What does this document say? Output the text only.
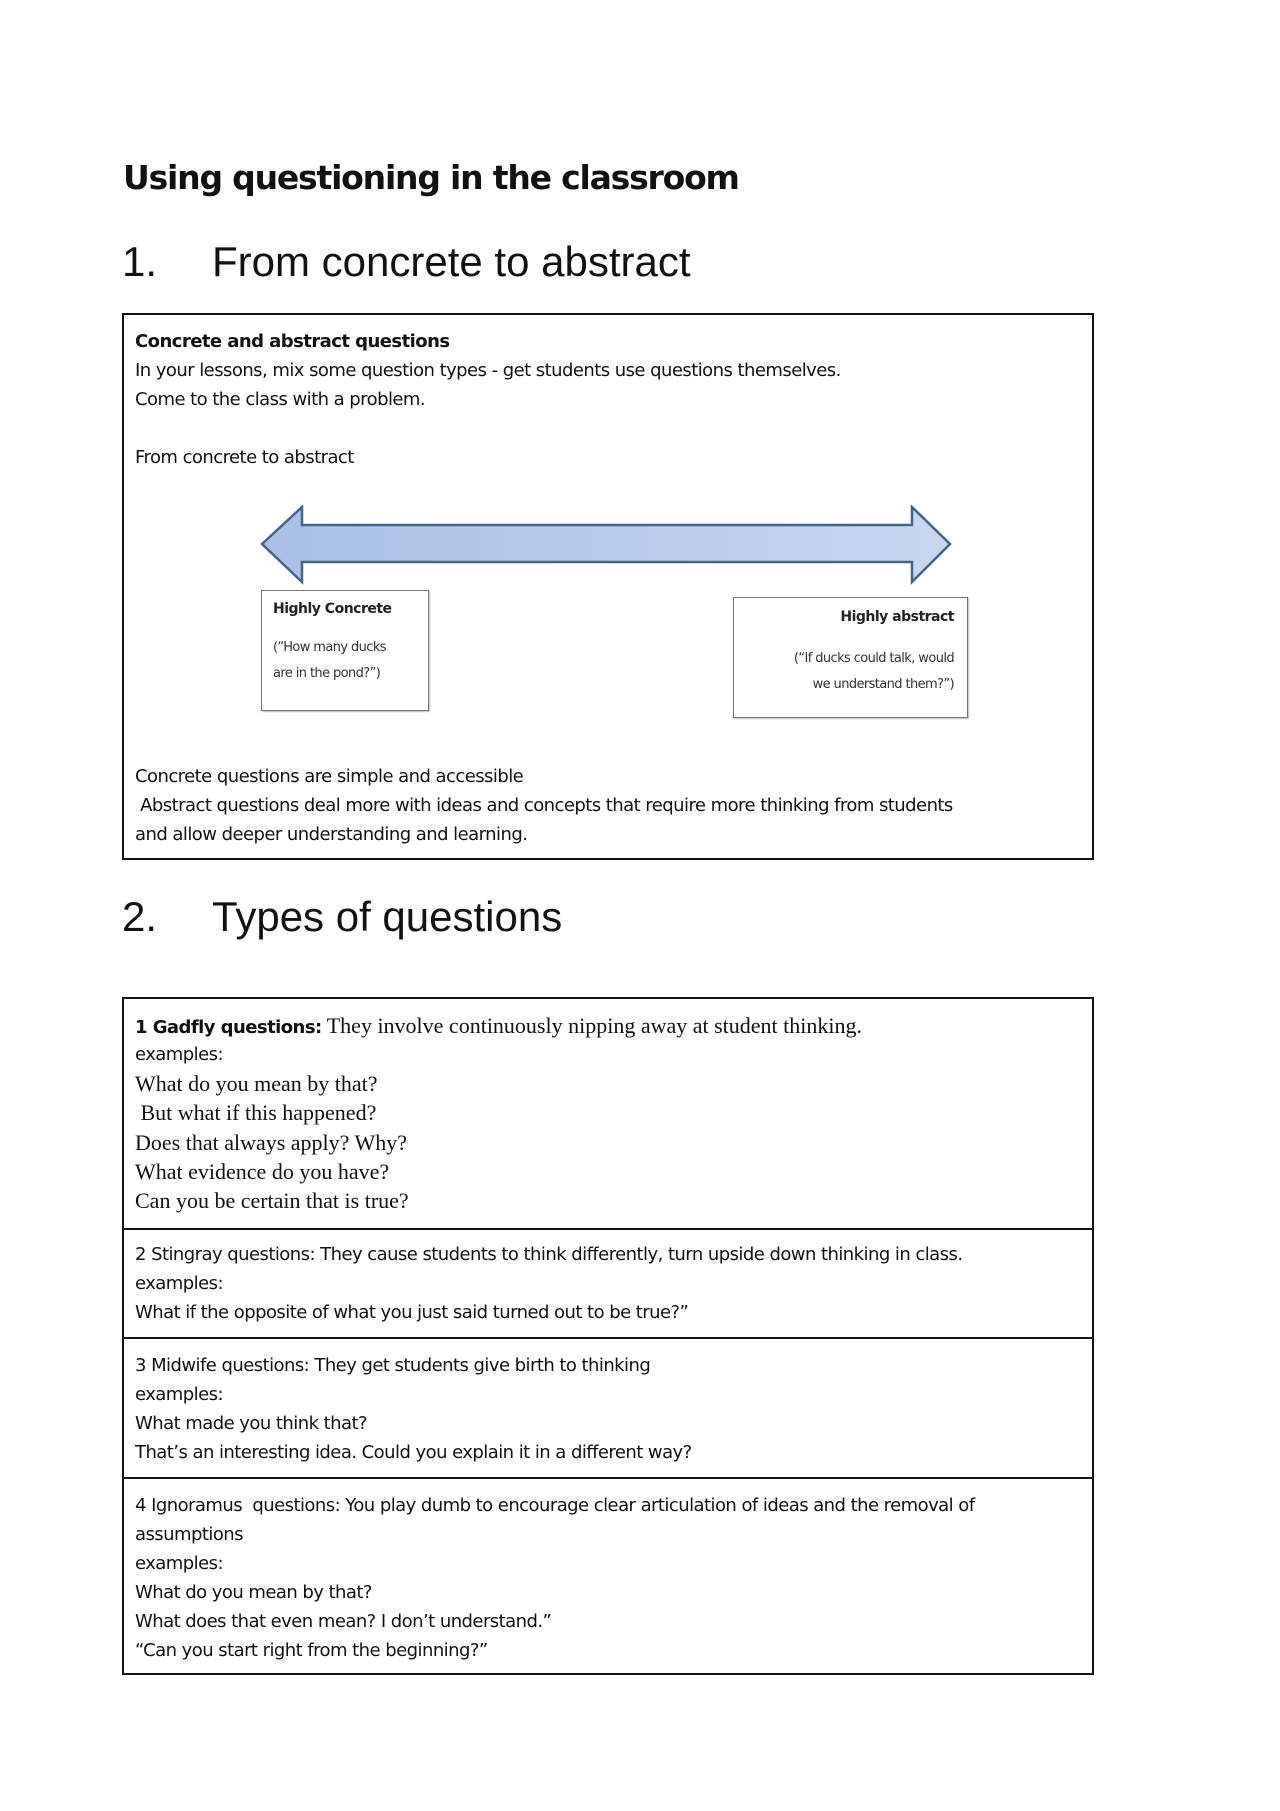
Using questioning in the classroom
1. From concrete to abstract
Concrete and abstract questions
In your lessons, mix some question types - get students use questions themselves.
Come to the class with a problem.
From concrete to abstract
Highly Concrete
(“How many ducks
are in the pond?”)
Highly abstract
(“If ducks could talk, would
we understand them?”)
Concrete questions are simple and accessible
Abstract questions deal more with ideas and concepts that require more thinking from students
and allow deeper understanding and learning.
2. Types of questions
1 Gadfly questions: They involve continuously nipping away at student thinking.
examples:
What do you mean by that?
But what if this happened?
Does that always apply? Why?
What evidence do you have?
Can you be certain that is true?
2 Stingray questions: They cause students to think differently, turn upside down thinking in class.
examples:
What if the opposite of what you just said turned out to be true?”
3 Midwife questions: They get students give birth to thinking
examples:
What made you think that?
That’s an interesting idea. Could you explain it in a different way?
4 Ignoramus  questions: You play dumb to encourage clear articulation of ideas and the removal of
assumptions
examples:
What do you mean by that?
What does that even mean? I don’t understand.”
“Can you start right from the beginning?”
